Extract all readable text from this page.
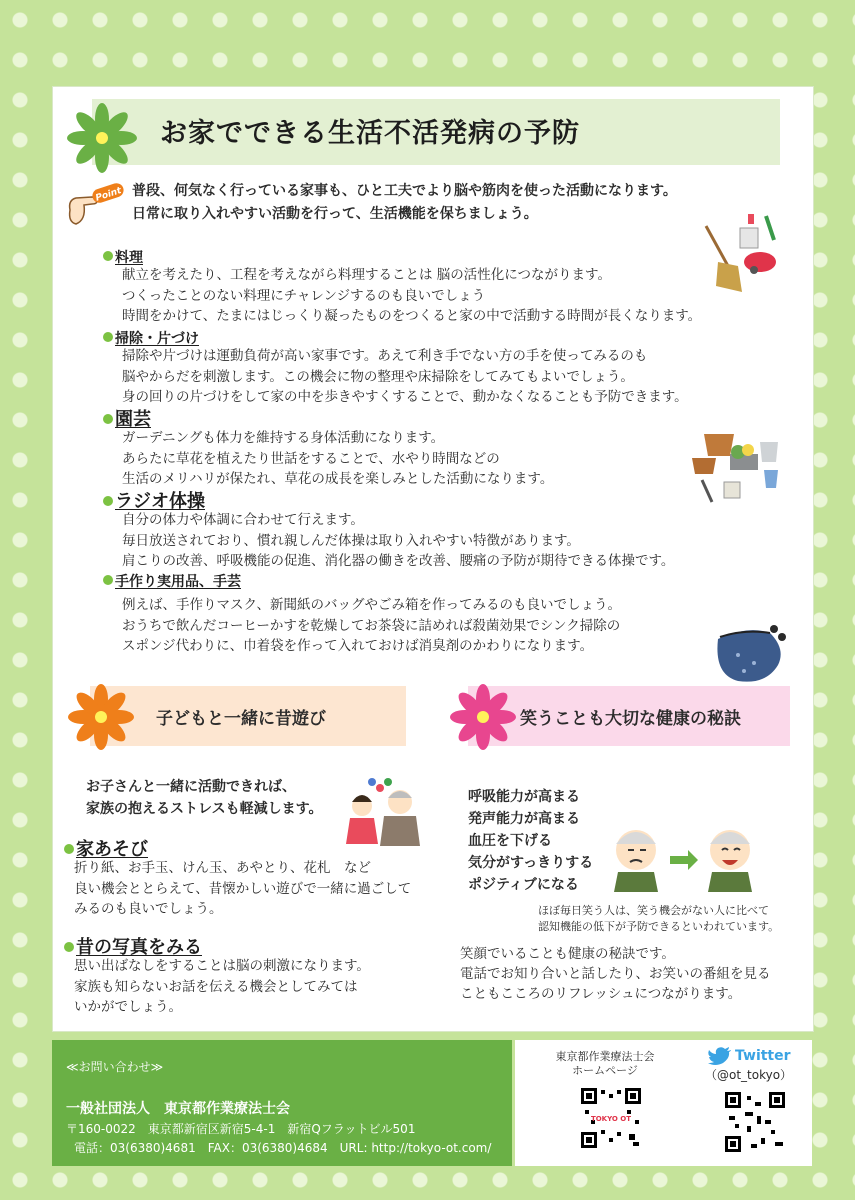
お家でできる生活不活発病の予防
Point 普段、何気なく行っている家事も、ひと工夫でより脳や筋肉を使った活動になります。
日常に取り入れやすい活動を行って、生活機能を保ちましょう。
料理
献立を考えたり、工程を考えながら料理することは 脳の活性化につながります。
つくったことのない料理にチャレンジするのも良いでしょう
時間をかけて、たまにはじっくり凝ったものをつくると家の中で活動する時間が長くなります。
掃除・片づけ
掃除や片づけは運動負荷が高い家事です。あえて利き手でない方の手を使ってみるのも
脳やからだを刺激します。この機会に物の整理や床掃除をしてみてもよいでしょう。
身の回りの片づけをして家の中を歩きやすくすることで、動かなくなることも予防できます。
園芸
ガーデニングも体力を維持する身体活動になります。
あらたに草花を植えたり世話をすることで、水やり時間などの
生活のメリハリが保たれ、草花の成長を楽しみとした活動になります。
ラジオ体操
自分の体力や体調に合わせて行えます。
毎日放送されており、慣れ親しんだ体操は取り入れやすい特徴があります。
肩こりの改善、呼吸機能の促進、消化器の働きを改善、腰痛の予防が期待できる体操です。
手作り実用品、手芸
例えば、手作りマスク、新聞紙のバッグやごみ箱を作ってみるのも良いでしょう。
おうちで飲んだコーヒーかすを乾燥してお茶袋に詰めれば殺菌効果でシンク掃除の
スポンジ代わりに、巾着袋を作って入れておけば消臭剤のかわりになります。
子どもと一緒に昔遊び
お子さんと一緒に活動できれば、
家族の抱えるストレスも軽減します。
家あそび
折り紙、お手玉、けん玉、あやとり、花札　など
良い機会ととらえて、昔懐かしい遊びで一緒に過ごして
みるのも良いでしょう。
昔の写真をみる
思い出ばなしをすることは脳の刺激になります。
家族も知らないお話を伝える機会としてみては
いかがでしょう。
笑うことも大切な健康の秘訣
呼吸能力が高まる
発声能力が高まる
血圧を下げる
気分がすっきりする
ポジティブになる
ほぼ毎日笑う人は、笑う機会がない人に比べて
認知機能の低下が予防できるといわれています。
笑顔でいることも健康の秘訣です。
電話でお知り合いと話したり、お笑いの番組を見る
こともこころのリフレッシュにつながります。
≪お問い合わせ≫
一般社団法人　東京都作業療法士会
〒160-0022　東京都新宿区新宿5-4-1　新宿Qフラットビル501
電話：03(6380)4681　FAX：03(6380)4684　URL: http://tokyo-ot.com/
東京都作業療法士会
ホームページ
TOKYO OT
Twitter
（@ot_tokyo）
